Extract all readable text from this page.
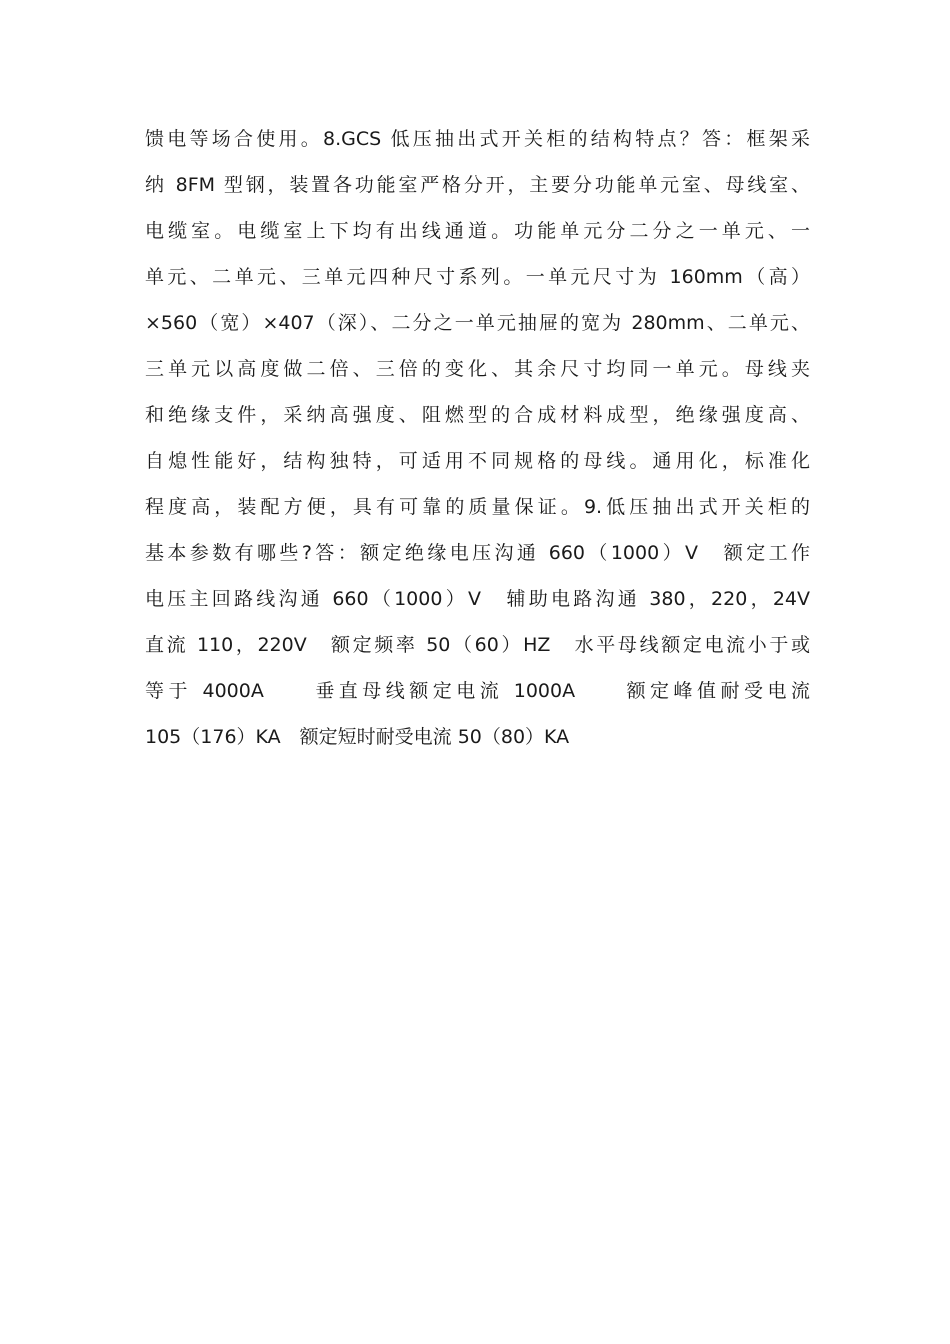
馈电等场合使用。8.GCS 低压抽出式开关柜的结构特点？答：框架采
纳 8FM 型钢，装置各功能室严格分开，主要分功能单元室、母线室、
电缆室。电缆室上下均有出线通道。功能单元分二分之一单元、一
单元、二单元、三单元四种尺寸系列。一单元尺寸为 160mm（高）
×560（宽）×407（深）、二分之一单元抽屉的宽为 280mm、二单元、
三单元以高度做二倍、三倍的变化、其余尺寸均同一单元。母线夹
和绝缘支件，采纳高强度、阻燃型的合成材料成型，绝缘强度高、
自熄性能好，结构独特，可适用不同规格的母线。通用化，标准化
程度高，装配方便，具有可靠的质量保证。9.低压抽出式开关柜的
基本参数有哪些?答：额定绝缘电压沟通 660（1000）V　额定工作
电压主回路线沟通 660（1000）V　辅助电路沟通 380，220，24V
直流 110，220V　额定频率 50（60）HZ　水平母线额定电流小于或
等于 4000A　　垂直母线额定电流 1000A　　额定峰值耐受电流
105（176）KA　额定短时耐受电流 50（80）KA
